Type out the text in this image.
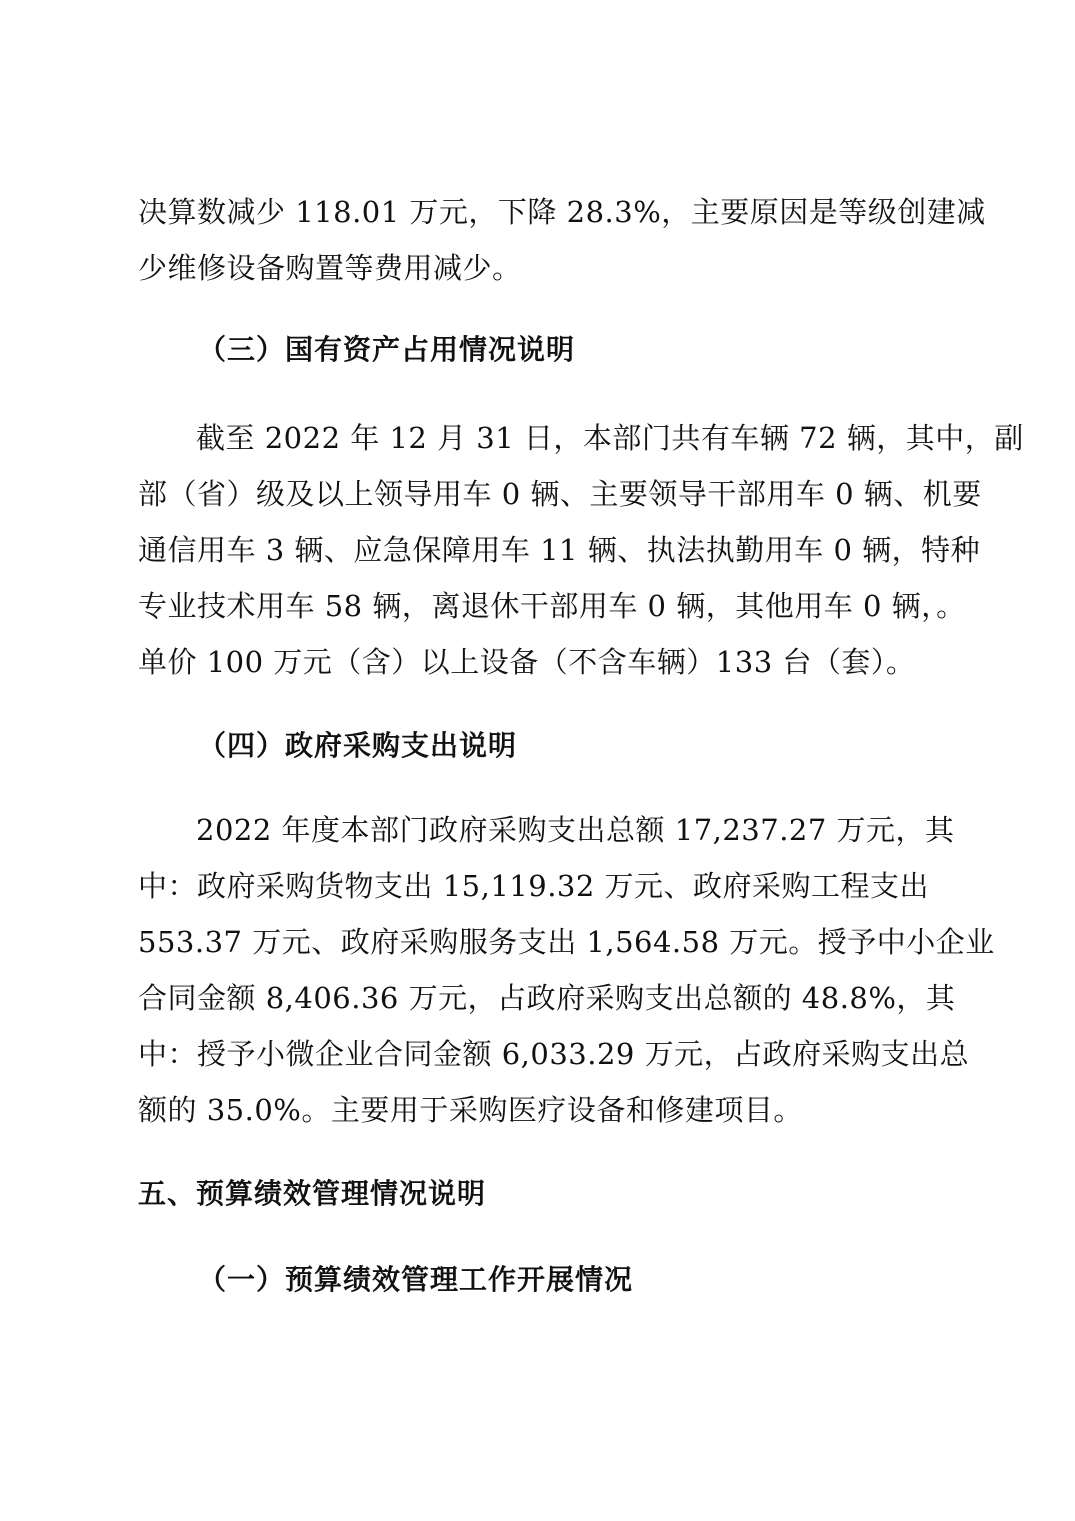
决算数减少 118.01 万元，下降 28.3%，主要原因是等级创建减
少维修设备购置等费用减少。
（三）国有资产占用情况说明
截至 2022 年 12 月 31 日，本部门共有车辆 72 辆，其中，副
部（省）级及以上领导用车 0 辆、主要领导干部用车 0 辆、机要
通信用车 3 辆、应急保障用车 11 辆、执法执勤用车 0 辆，特种
专业技术用车 58 辆，离退休干部用车 0 辆，其他用车 0 辆，。
单价 100 万元（含）以上设备（不含车辆）133 台（套）。
（四）政府采购支出说明
2022 年度本部门政府采购支出总额 17,237.27 万元，其
中：政府采购货物支出 15,119.32 万元、政府采购工程支出
553.37 万元、政府采购服务支出 1,564.58 万元。授予中小企业
合同金额 8,406.36 万元，占政府采购支出总额的 48.8%，其
中：授予小微企业合同金额 6,033.29 万元，占政府采购支出总
额的 35.0%。主要用于采购医疗设备和修建项目。
五、预算绩效管理情况说明
（一）预算绩效管理工作开展情况
